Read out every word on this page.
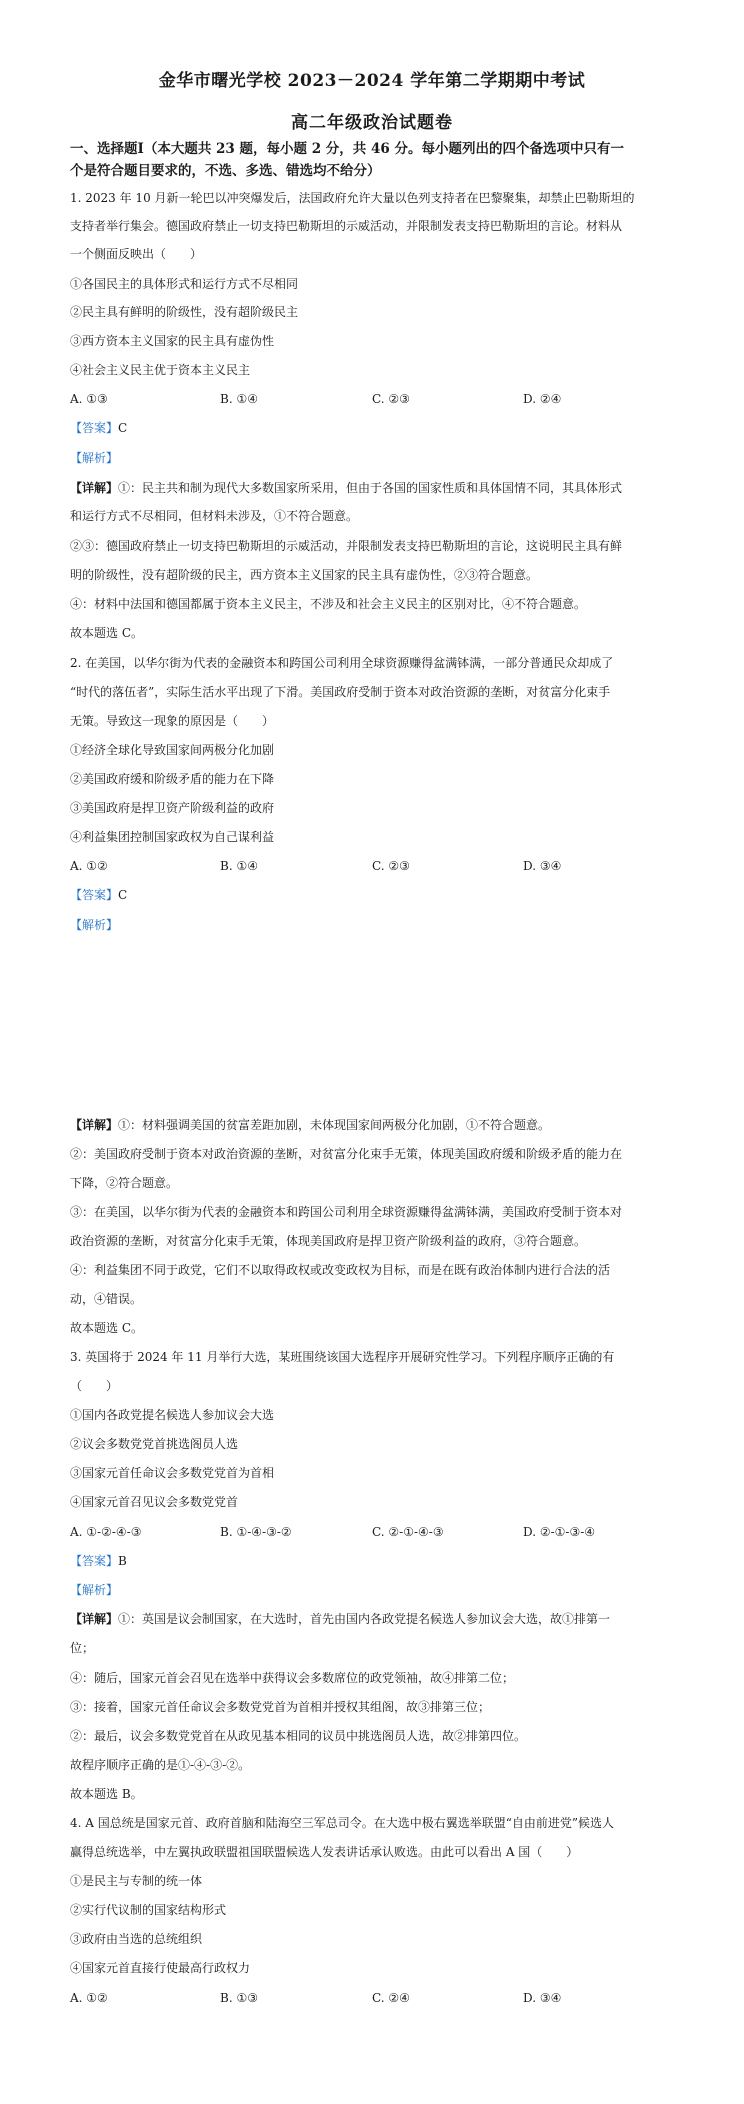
金华市曙光学校 2023－2024 学年第二学期期中考试
高二年级政治试题卷
一、选择题Ⅰ（本大题共 23 题，每小题 2 分，共 46 分。每小题列出的四个备选项中只有一
个是符合题目要求的，不选、多选、错选均不给分）
1. 2023 年 10 月新一轮巴以冲突爆发后，法国政府允许大量以色列支持者在巴黎聚集，却禁止巴勒斯坦的
支持者举行集会。德国政府禁止一切支持巴勒斯坦的示威活动，并限制发表支持巴勒斯坦的言论。材料从
一个侧面反映出（　　）
①各国民主的具体形式和运行方式不尽相同
②民主具有鲜明的阶级性，没有超阶级民主
③西方资本主义国家的民主具有虚伪性
④社会主义民主优于资本主义民主
A. ①③	B. ①④	C. ②③	D. ②④
【答案】C
【解析】
【详解】①：民主共和制为现代大多数国家所采用，但由于各国的国家性质和具体国情不同，其具体形式
和运行方式不尽相同，但材料未涉及，①不符合题意。
②③：德国政府禁止一切支持巴勒斯坦的示威活动，并限制发表支持巴勒斯坦的言论，这说明民主具有鲜
明的阶级性，没有超阶级的民主，西方资本主义国家的民主具有虚伪性，②③符合题意。
④：材料中法国和德国都属于资本主义民主，不涉及和社会主义民主的区别对比，④不符合题意。
故本题选 C。
2. 在美国，以华尔街为代表的金融资本和跨国公司利用全球资源赚得盆满钵满，一部分普通民众却成了
“时代的落伍者”，实际生活水平出现了下滑。美国政府受制于资本对政治资源的垄断，对贫富分化束手
无策。导致这一现象的原因是（　　）
①经济全球化导致国家间两极分化加剧
②美国政府缓和阶级矛盾的能力在下降
③美国政府是捍卫资产阶级利益的政府
④利益集团控制国家政权为自己谋利益
A. ①②	B. ①④	C. ②③	D. ③④
【答案】C
【解析】
【详解】①：材料强调美国的贫富差距加剧，未体现国家间两极分化加剧，①不符合题意。
②：美国政府受制于资本对政治资源的垄断，对贫富分化束手无策，体现美国政府缓和阶级矛盾的能力在
下降，②符合题意。
③：在美国，以华尔街为代表的金融资本和跨国公司利用全球资源赚得盆满钵满，美国政府受制于资本对
政治资源的垄断，对贫富分化束手无策，体现美国政府是捍卫资产阶级利益的政府，③符合题意。
④：利益集团不同于政党，它们不以取得政权或改变政权为目标，而是在既有政治体制内进行合法的活
动，④错误。
故本题选 C。
3. 英国将于 2024 年 11 月举行大选，某班围绕该国大选程序开展研究性学习。下列程序顺序正确的有
（　　）
①国内各政党提名候选人参加议会大选
②议会多数党党首挑选阁员人选
③国家元首任命议会多数党党首为首相
④国家元首召见议会多数党党首
A. ①-②-④-③	B. ①-④-③-②	C. ②-①-④-③	D. ②-①-③-④
【答案】B
【解析】
【详解】①：英国是议会制国家，在大选时，首先由国内各政党提名候选人参加议会大选，故①排第一
位；
④：随后，国家元首会召见在选举中获得议会多数席位的政党领袖，故④排第二位；
③：接着，国家元首任命议会多数党党首为首相并授权其组阁，故③排第三位；
②：最后，议会多数党党首在从政见基本相同的议员中挑选阁员人选，故②排第四位。
故程序顺序正确的是①-④-③-②。
故本题选 B。
4. A 国总统是国家元首、政府首脑和陆海空三军总司令。在大选中极右翼选举联盟“自由前进党”候选人
赢得总统选举，中左翼执政联盟祖国联盟候选人发表讲话承认败选。由此可以看出 A 国（　　）
①是民主与专制的统一体
②实行代议制的国家结构形式
③政府由当选的总统组织
④国家元首直接行使最高行政权力
A. ①②	B. ①③	C. ②④	D. ③④
